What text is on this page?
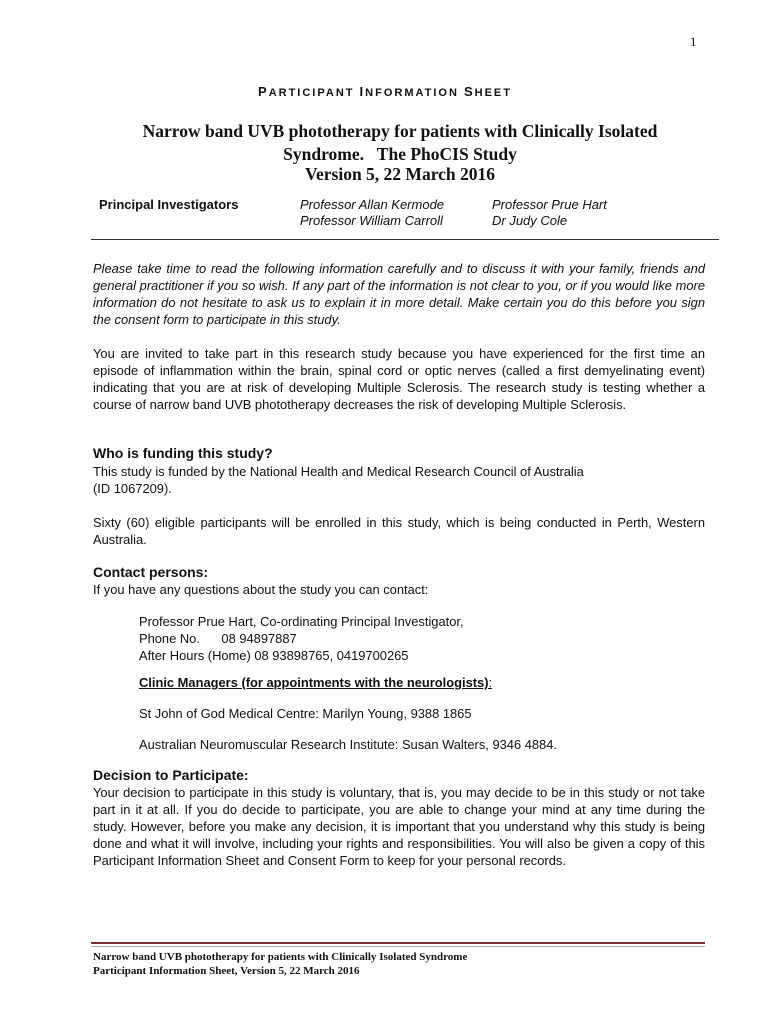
1
PARTICIPANT INFORMATION SHEET
Narrow band UVB phototherapy for patients with Clinically Isolated
Syndrome.   The PhoCIS Study
Version 5, 22 March 2016
Principal Investigators	Professor Allan Kermode
Professor William Carroll
Professor Prue Hart
Dr Judy Cole
Please take time to read the following information carefully and to discuss it with your family, friends and general practitioner if you so wish. If any part of the information is not clear to you, or if you would like more information do not hesitate to ask us to explain it in more detail. Make certain you do this before you sign the consent form to participate in this study.
You are invited to take part in this research study because you have experienced for the first time an episode of inflammation within the brain, spinal cord or optic nerves (called a first demyelinating event) indicating that you are at risk of developing Multiple Sclerosis. The research study is testing whether a course of narrow band UVB phototherapy decreases the risk of developing Multiple Sclerosis.
Who is funding this study?
This study is funded by the National Health and Medical Research Council of Australia
(ID 1067209).
Sixty (60) eligible participants will be enrolled in this study, which is being conducted in Perth, Western Australia.
Contact persons:
If you have any questions about the study you can contact:
Professor Prue Hart, Co-ordinating Principal Investigator,
Phone No.      08 94897887
After Hours (Home) 08 93898765, 0419700265
Clinic Managers (for appointments with the neurologists):
St John of God Medical Centre: Marilyn Young, 9388 1865
Australian Neuromuscular Research Institute: Susan Walters, 9346 4884.
Decision to Participate:
Your decision to participate in this study is voluntary, that is, you may decide to be in this study or not take part in it at all. If you do decide to participate, you are able to change your mind at any time during the study. However, before you make any decision, it is important that you understand why this study is being done and what it will involve, including your rights and responsibilities. You will also be given a copy of this Participant Information Sheet and Consent Form to keep for your personal records.
Narrow band UVB phototherapy for patients with Clinically Isolated Syndrome
Participant Information Sheet, Version 5, 22 March 2016
